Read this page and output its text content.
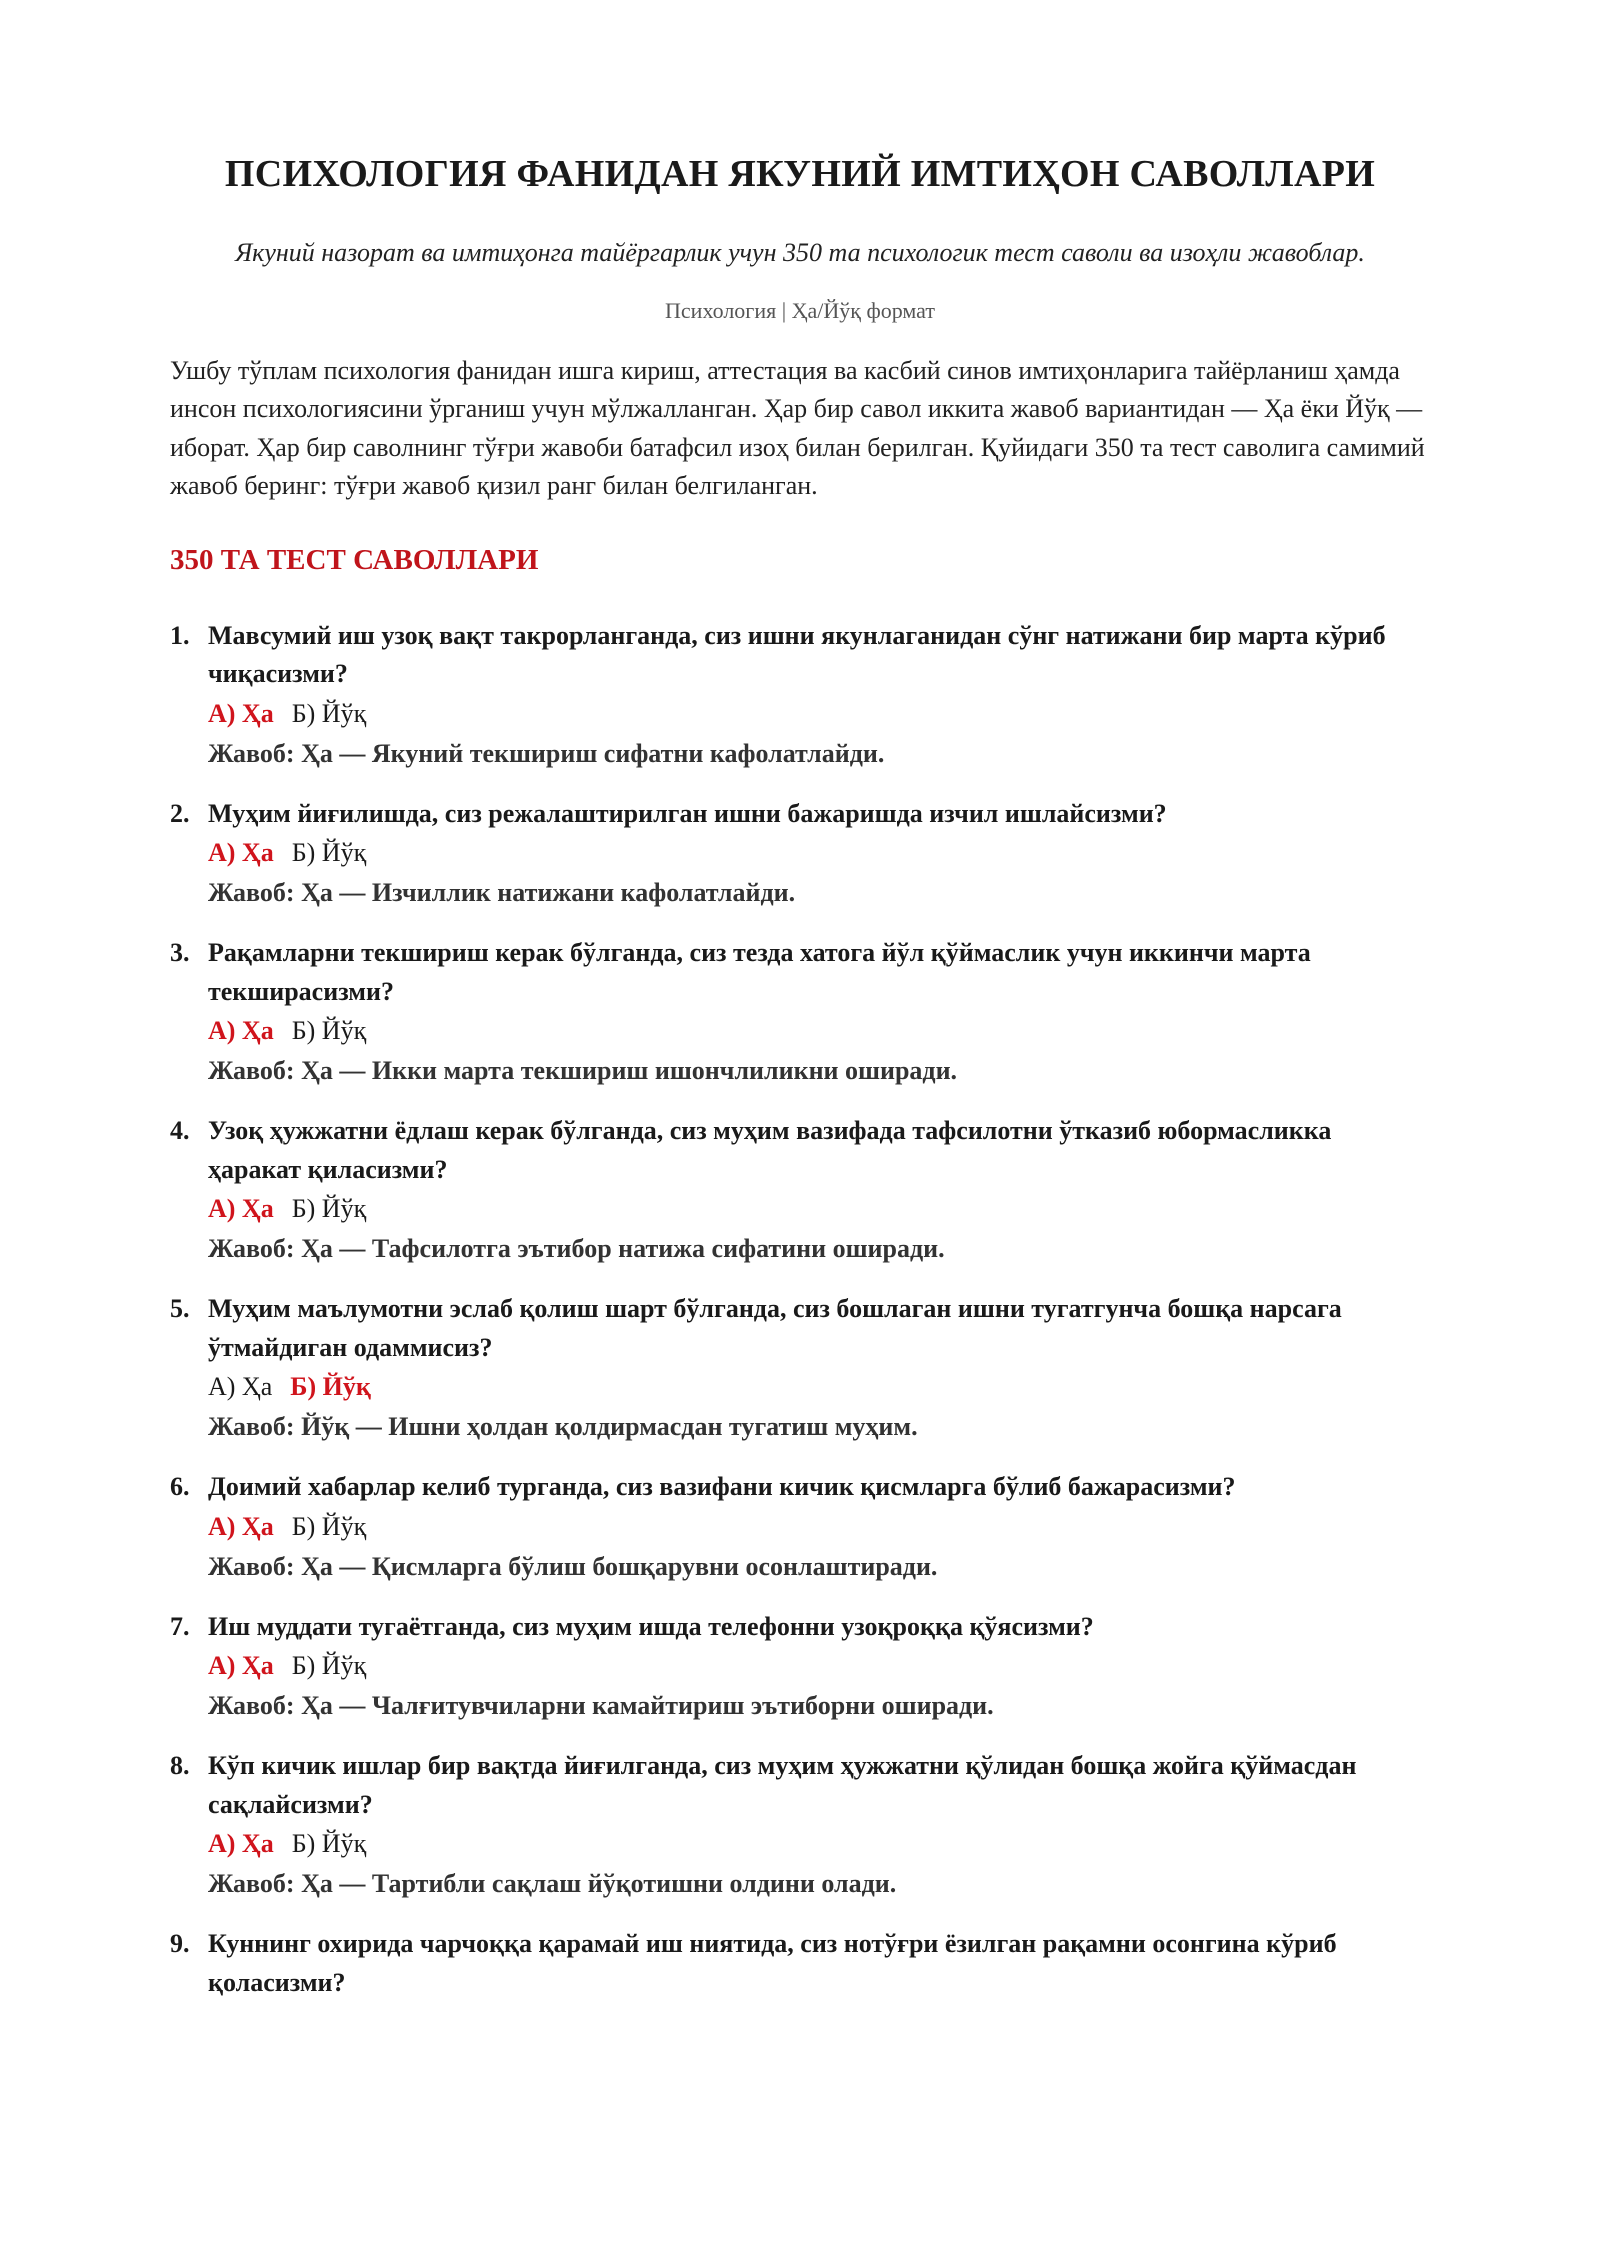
ПСИХОЛОГИЯ ФАНИДАН ЯКУНИЙ ИМТИҲОН САВОЛЛАРИ
Якуний назорат ва имтиҳонга тайёргарлик учун 350 та психологик тест саволи ва изоҳли жавоблар.
Психология | Ҳа/Йўқ формат

Ушбу тўплам психология фанидан ишга кириш, аттестация ва касбий синов имтиҳонларига тайёрланиш ҳамда инсон психологиясини ўрганиш учун мўлжалланган. Ҳар бир савол иккита жавоб вариантидан — Ҳа ёки Йўқ — иборат. Ҳар бир саволнинг тўғри жавоби батафсил изоҳ билан берилган. Қуйидаги 350 та тест саволига самимий жавоб беринг: тўғри жавоб қизил ранг билан белгиланган.

350 ТА ТЕСТ САВОЛЛАРИ
1. Мавсумий иш узоқ вақт такрорланганда, сиз ишни якунлаганидан сўнг натижани бир марта кўриб чиқасизми?
А) Ҳа Б) Йўқ
Жавоб: Ҳа — Якуний текшириш сифатни кафолатлайди.
2. Муҳим йиғилишда, сиз режалаштирилган ишни бажаришда изчил ишлайсизми?
А) Ҳа Б) Йўқ
Жавоб: Ҳа — Изчиллик натижани кафолатлайди.
3. Рақамларни текшириш керак бўлганда, сиз тезда хатога йўл қўймаслик учун иккинчи марта текширасизми?
А) Ҳа Б) Йўқ
Жавоб: Ҳа — Икки марта текшириш ишончлиликни оширади.
4. Узоқ ҳужжатни ёдлаш керак бўлганда, сиз муҳим вазифада тафсилотни ўтказиб юбормасликка ҳаракат қиласизми?
А) Ҳа Б) Йўқ
Жавоб: Ҳа — Тафсилотга эътибор натижа сифатини оширади.
5. Муҳим маълумотни эслаб қолиш шарт бўлганда, сиз бошлаган ишни тугатгунча бошқа нарсага ўтмайдиган одаммисиз?
А) Ҳа Б) Йўқ
Жавоб: Йўқ — Ишни ҳолдан қолдирмасдан тугатиш муҳим.
6. Доимий хабарлар келиб турганда, сиз вазифани кичик қисмларга бўлиб бажарасизми?
А) Ҳа Б) Йўқ
Жавоб: Ҳа — Қисмларга бўлиш бошқарувни осонлаштиради.
7. Иш муддати тугаётганда, сиз муҳим ишда телефонни узоқроққа қўясизми?
А) Ҳа Б) Йўқ
Жавоб: Ҳа — Чалғитувчиларни камайтириш эътиборни оширади.
8. Кўп кичик ишлар бир вақтда йиғилганда, сиз муҳим ҳужжатни қўлидан бошқа жойга қўймасдан сақлайсизми?
А) Ҳа Б) Йўқ
Жавоб: Ҳа — Тартибли сақлаш йўқотишни олдини олади.
9. Куннинг охирида чарчоққа қарамай иш ниятида, сиз нотўғри ёзилган рақамни осонгина кўриб қоласизми?
